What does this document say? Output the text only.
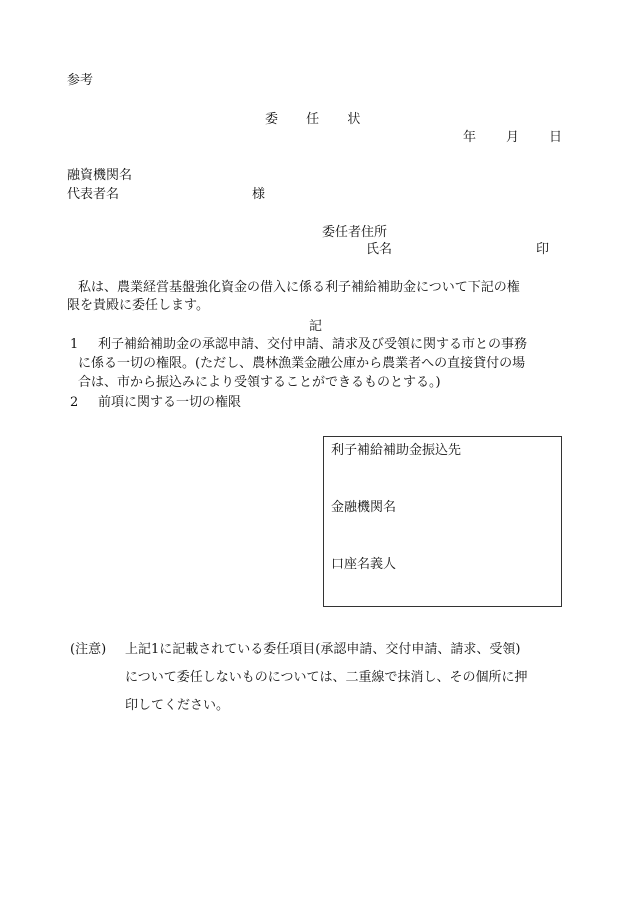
参考
委 任 状
年 月 日
融資機関名
代表者名	様
委任者住所
氏名	印
私は、農業経営基盤強化資金の借入に係る利子補給補助金について下記の権
限を貴殿に委任します。
記
1 利子補給補助金の承認申請、交付申請、請求及び受領に関する市との事務
に係る一切の権限。(ただし、農林漁業金融公庫から農業者への直接貸付の場
合は、市から振込みにより受領することができるものとする。)
2 前項に関する一切の権限
利子補給補助金振込先
金融機関名
口座名義人
(注意) 上記1に記載されている委任項目(承認申請、交付申請、請求、受領)
について委任しないものについては、二重線で抹消し、その個所に押
印してください。
